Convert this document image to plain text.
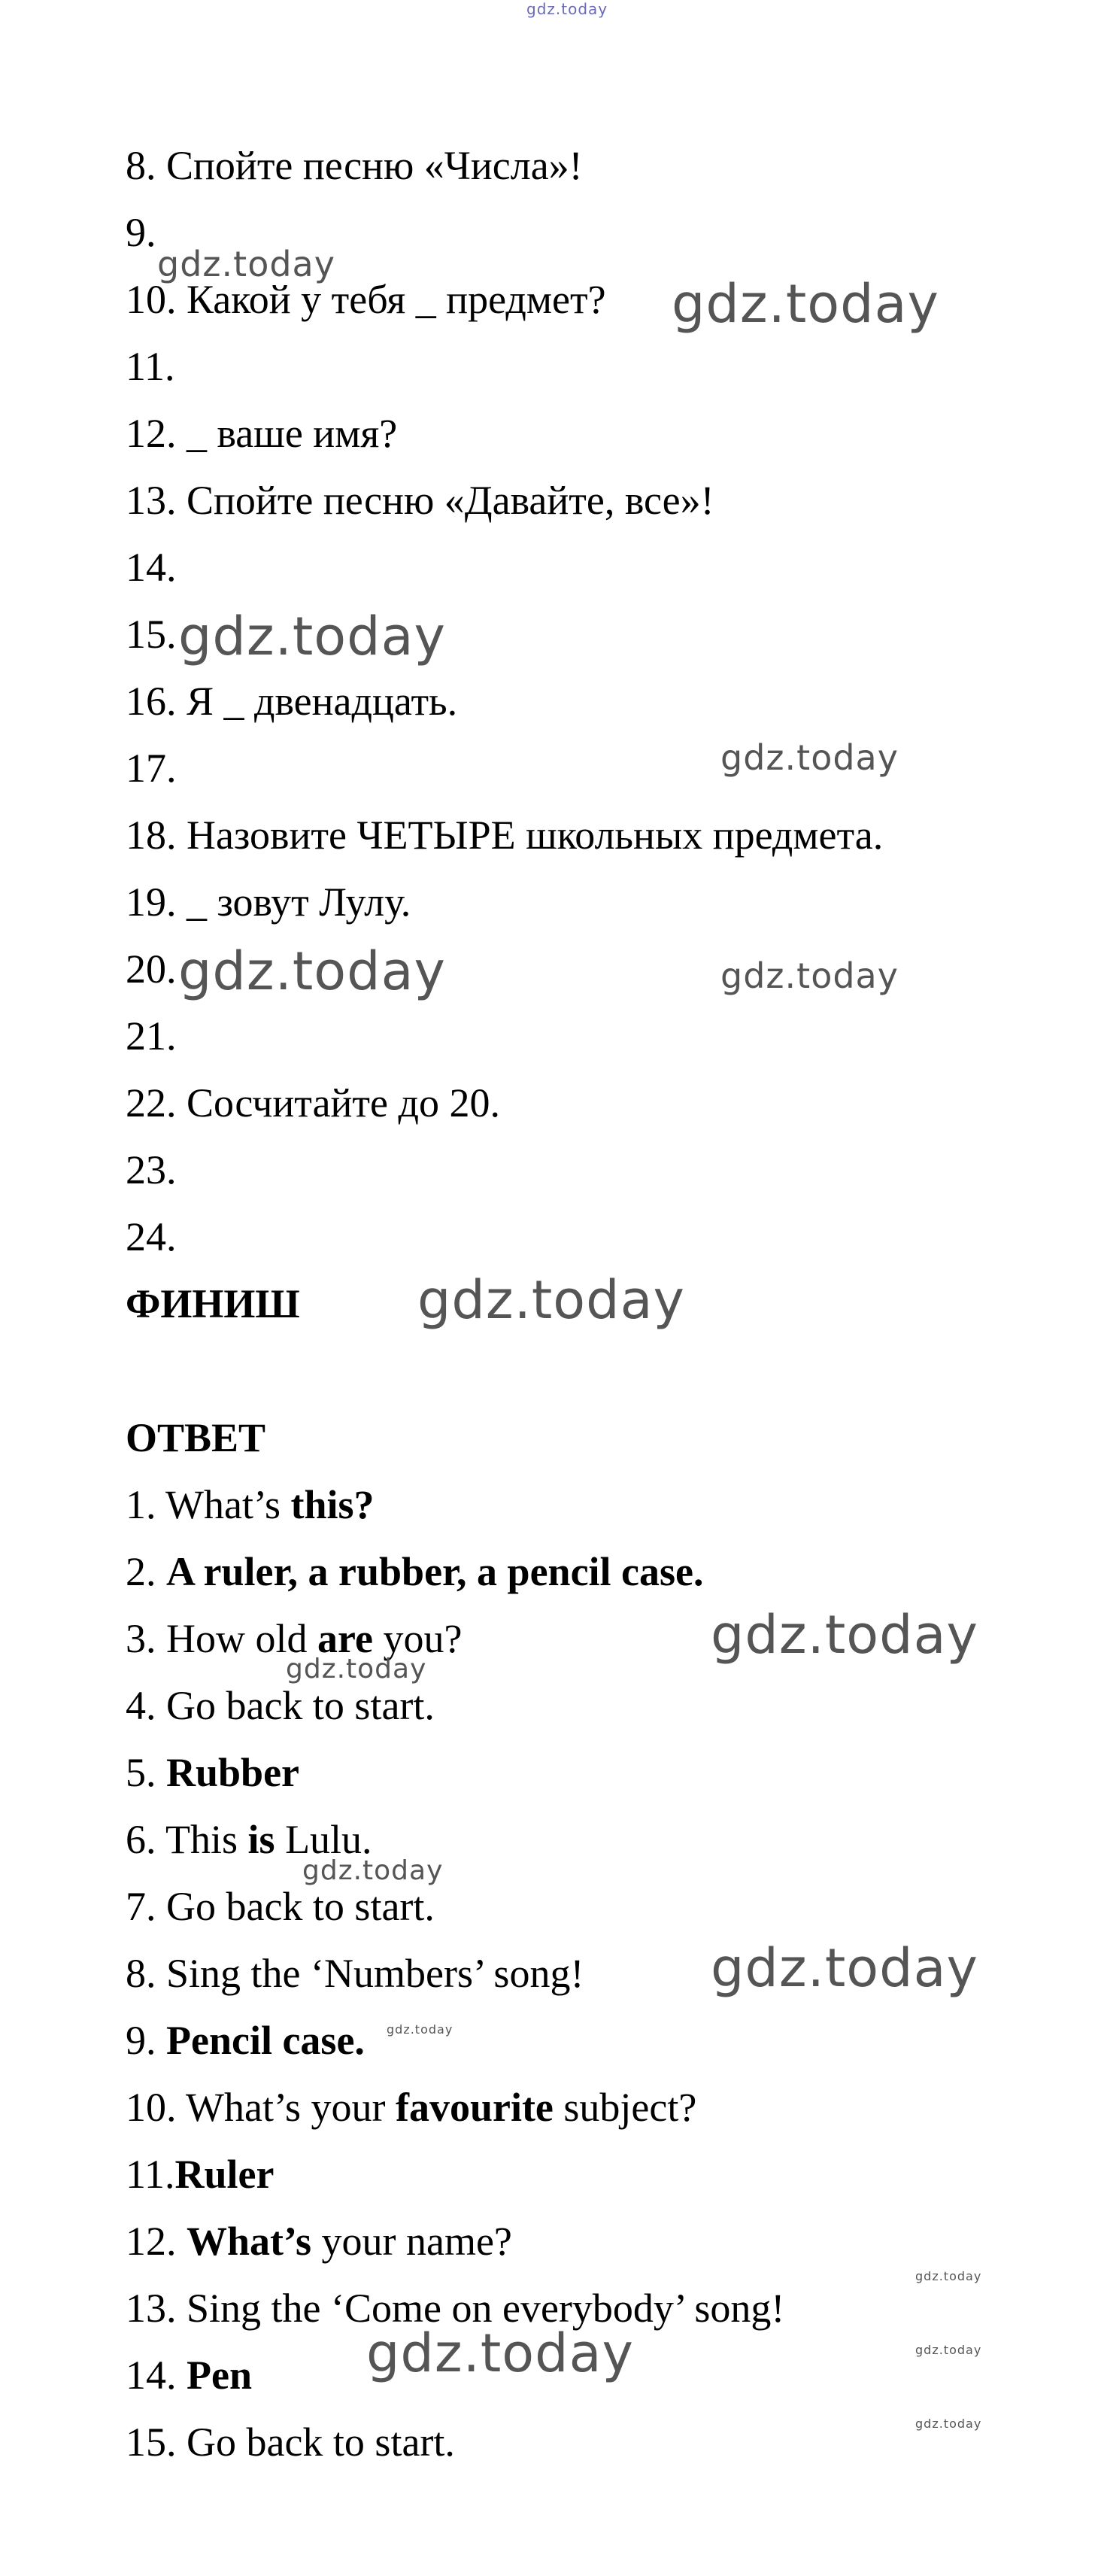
gdz.today
8. Спойте песню «Числа»!
9.
gdz.today
10. Какой у тебя _ предмет? gdz.today
11.
12. _ ваше имя?
13. Спойте песню «Давайте, все»!
14.
15. gdz.today
16. Я _ двенадцать.
17.	gdz.today
18. Назовите ЧЕТЫРЕ школьных предмета.
19. _ зовут Лулу.
20. gdz.today	gdz.today
21.
22. Сосчитайте до 20.
23.
24.
ФИНИШ gdz.today
ОТВЕТ
1. What’s this?
2. A ruler, a rubber, a pencil case.
3. How old are you?	gdz.today
gdz.today
4. Go back to start.
5. Rubber
6. This is Lulu.
gdz.today
7. Go back to start.
8. Sing the ‘Numbers’ song! gdz.today
9. Pencil case. gdz.today
10. What’s your favourite subject?
11.Ruler
12. What’s your name?
gdz.today
13. Sing the ‘Come on everybody’ song!
gdz.today
14. Pen gdz.today
gdz.today
15. Go back to start.
